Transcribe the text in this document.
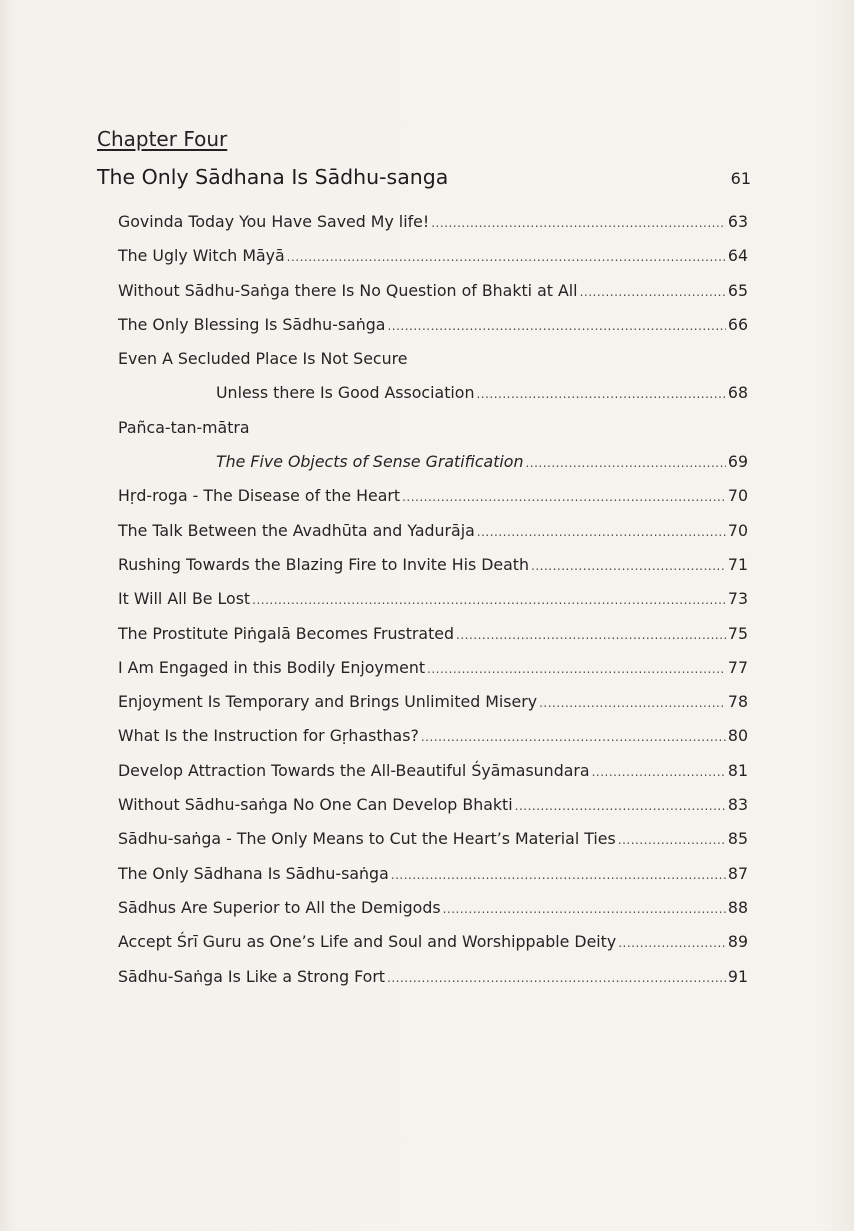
Chapter Four
The Only Sādhana Is Sādhu-sanga	61
Govinda Today You Have Saved My life! .....	63
The Ugly Witch Māyā .....	64
Without Sādhu-Saṅga there Is No Question of Bhakti at All .....	65
The Only Blessing Is Sādhu-saṅga .....	66
Even A Secluded Place Is Not Secure
Unless there Is Good Association .....	68
Pañca-tan-mātra
The Five Objects of Sense Gratification .....	69
Hṛd-roga - The Disease of the Heart .....	70
The Talk Between the Avadhūta and Yadurāja .....	70
Rushing Towards the Blazing Fire to Invite His Death .....	71
It Will All Be Lost .....	73
The Prostitute Piṅgalā Becomes Frustrated .....	75
I Am Engaged in this Bodily Enjoyment .....	77
Enjoyment Is Temporary and Brings Unlimited Misery .....	78
What Is the Instruction for Gṛhasthas? .....	80
Develop Attraction Towards the All-Beautiful Śyāmasundara .....	81
Without Sādhu-saṅga No One Can Develop Bhakti .....	83
Sādhu-saṅga - The Only Means to Cut the Heart’s Material Ties .....	85
The Only Sādhana Is Sādhu-saṅga .....	87
Sādhus Are Superior to All the Demigods .....	88
Accept Śrī Guru as One’s Life and Soul and Worshippable Deity .....	89
Sādhu-Saṅga Is Like a Strong Fort .....	91
